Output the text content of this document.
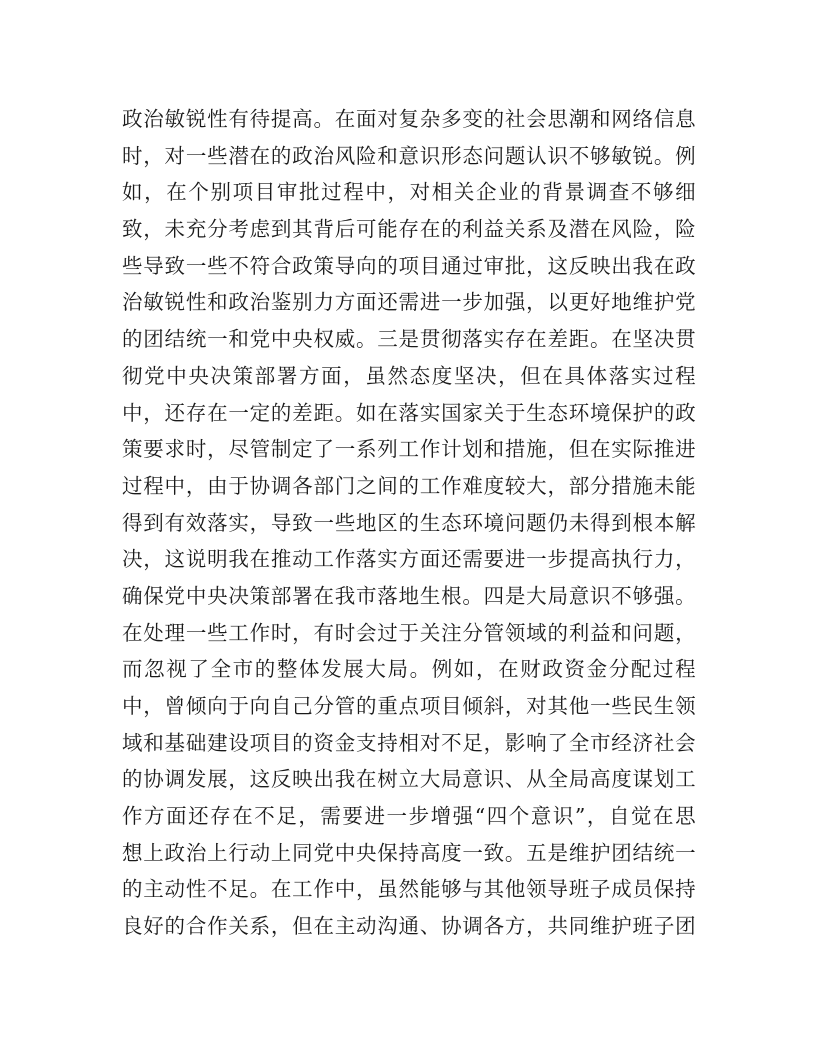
政治敏锐性有待提高。在面对复杂多变的社会思潮和网络信息
时，对一些潜在的政治风险和意识形态问题认识不够敏锐。例
如，在个别项目审批过程中，对相关企业的背景调查不够细
致，未充分考虑到其背后可能存在的利益关系及潜在风险，险
些导致一些不符合政策导向的项目通过审批，这反映出我在政
治敏锐性和政治鉴别力方面还需进一步加强，以更好地维护党
的团结统一和党中央权威。三是贯彻落实存在差距。在坚决贯
彻党中央决策部署方面，虽然态度坚决，但在具体落实过程
中，还存在一定的差距。如在落实国家关于生态环境保护的政
策要求时，尽管制定了一系列工作计划和措施，但在实际推进
过程中，由于协调各部门之间的工作难度较大，部分措施未能
得到有效落实，导致一些地区的生态环境问题仍未得到根本解
决，这说明我在推动工作落实方面还需要进一步提高执行力，
确保党中央决策部署在我市落地生根。四是大局意识不够强。
在处理一些工作时，有时会过于关注分管领域的利益和问题，
而忽视了全市的整体发展大局。例如，在财政资金分配过程
中，曾倾向于向自己分管的重点项目倾斜，对其他一些民生领
域和基础建设项目的资金支持相对不足，影响了全市经济社会
的协调发展，这反映出我在树立大局意识、从全局高度谋划工
作方面还存在不足，需要进一步增强“四个意识”，自觉在思
想上政治上行动上同党中央保持高度一致。五是维护团结统一
的主动性不足。在工作中，虽然能够与其他领导班子成员保持
良好的合作关系，但在主动沟通、协调各方，共同维护班子团
